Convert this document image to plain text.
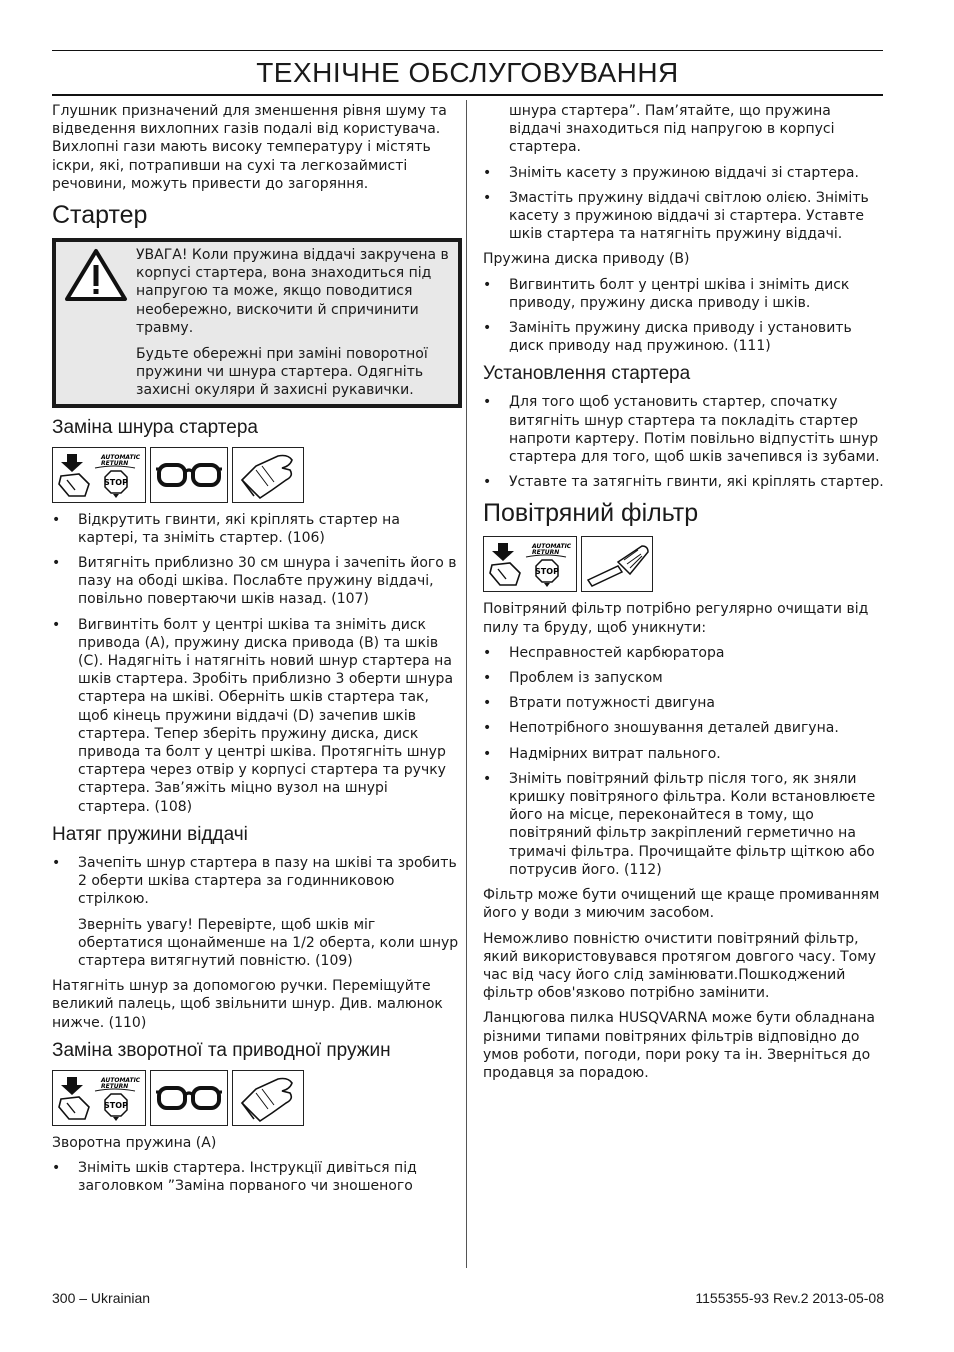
ТЕХНІЧНЕ ОБСЛУГОВУВАННЯ

Глушник призначений для зменшення рівня шуму та відведення вихлопних газів подалі від користувача. Вихлопні гази мають високу температуру і містять іскри, які, потрапивши на сухі та легкозаймисті речовини, можуть привести до загоряння.

Стартер

УВАГА! Коли пружина віддачі закручена в корпусі стартера, вона знаходиться під напругою та може, якщо поводитися необережно, вискочити й спричинити травму.

Будьте обережні при заміні поворотної пружини чи шнура стартера. Одягніть захисні окуляри й захисні рукавички.

Заміна шнура стартера
AUTOMATIC
RETURN
STOP
• Відкрутить гвинти, які кріплять стартер на картері, та зніміть стартер. (106)
• Витягніть приблизно 30 см шнура і зачепіть його в пазу на ободі шківа. Послабте пружину віддачі, повільно повертаючи шків назад. (107)
• Вигвинтіть болт у центрі шківа та зніміть диск привода (A), пружину диска привода (B) та шків (C). Надягніть і натягніть новий шнур стартера на шків стартера. Зробіть приблизно 3 оберти шнура стартера на шківі. Оберніть шків стартера так, щоб кінець пружини віддачі (D) зачепив шків стартера. Тепер зберіть пружину диска, диск привода та болт у центрі шківа. Протягніть шнур стартера через отвір у корпусі стартера та ручку стартера. Зав’яжіть міцно вузол на шнурі стартера. (108)
Натяг пружини віддачі
• Зачепіть шнур стартера в пазу на шківі та зробить 2 оберти шківа стартера за годинниковою стрілкою.

Зверніть увагу! Перевірте, щоб шків міг обертатися щонайменше на 1/2 оберта, коли шнур стартера витягнутий повністю. (109)

Натягніть шнур за допомогою ручки. Переміщуйте великий палець, щоб звільнити шнур. Див. малюнок нижче. (110)

Заміна зворотної та приводної пружин
AUTOMATIC
RETURN
STOP

Зворотна пружина (A)

• Зніміть шків стартера. Інструкції дивіться під заголовком ”Заміна порваного чи зношеного
шнура стартера”. Пам’ятайте, що пружина віддачі знаходиться під напругою в корпусі стартера.
• Зніміть касету з пружиною віддачі зі стартера.
• Змастіть пружину віддачі світлою олією. Зніміть касету з пружиною віддачі зі стартера. Уставте шків стартера та натягніть пружину віддачі.

Пружина диска приводу (B)

• Вигвинтить болт у центрі шківа і зніміть диск приводу, пружину диска приводу і шків.
• Замініть пружину диска приводу і установить диск приводу над пружиною. (111)
Установлення стартера
• Для того щоб установить стартер, спочатку витягніть шнур стартера та покладіть стартер напроти картеру. Потім повільно відпустіть шнур стартера для того, щоб шків зачепився із зубами.
• Уставте та затягніть гвинти, які кріплять стартер.
Повітряний фільтр
AUTOMATIC
RETURN
STOP

Повітряний фільтр потрібно регулярно очищати від пилу та бруду, щоб уникнути:

• Несправностей карбюратора
• Проблем із запуском
• Втрати потужності двигуна
• Непотрібного зношування деталей двигуна.
• Надмірних витрат пального.
• Зніміть повітряний фільтр після того, як зняли кришку повітряного фільтра. Коли встановлюєте його на місце, переконайтеся в тому, що повітряний фільтр закріплений герметично на тримачі фільтра. Прочищайте фільтр щіткою або потрусив його. (112)

Фільтр може бути очищений ще краще промиванням його у води з миючим засобом.

Неможливо повністю очистити повітряний фільтр, який використовувався протягом довгого часу. Тому час від часу його слід замінювати.Пошкоджений фільтр обов'язково потрібно замінити.

Ланцюгова пилка HUSQVARNA може бути обладнана різними типами повітряних фільтрів відповідно до умов роботи, погоди, пори року та ін. Зверніться до продавця за порадою.

300 – Ukrainian	1155355-93 Rev.2 2013-05-08
